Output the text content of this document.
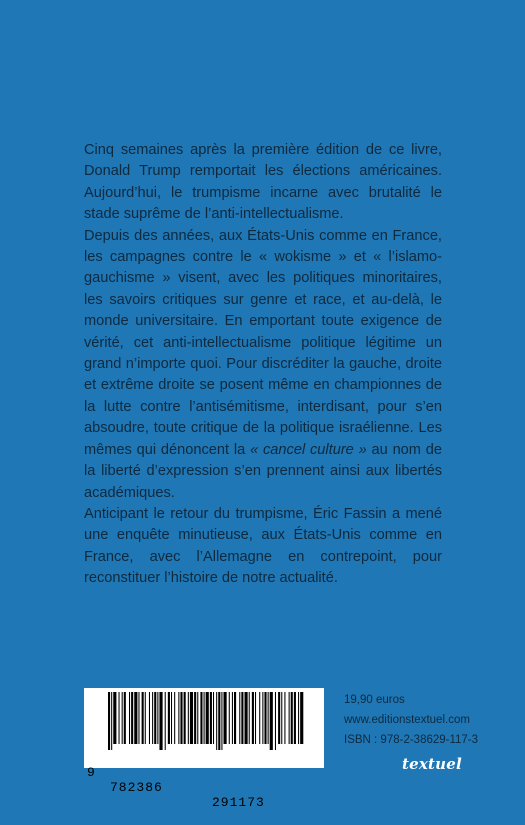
Cinq semaines après la première édition de ce livre, Donald Trump remportait les élections américaines. Aujourd’hui, le trumpisme incarne avec brutalité le stade suprême de l’anti-intellectualisme.

Depuis des années, aux États-Unis comme en France, les campagnes contre le « wokisme » et « l’islamo-gauchisme » visent, avec les politiques minoritaires, les savoirs critiques sur genre et race, et au-delà, le monde universitaire. En emportant toute exigence de vérité, cet anti-intellectualisme politique légitime un grand n’importe quoi. Pour discréditer la gauche, droite et extrême droite se posent même en championnes de la lutte contre l’antisémitisme, interdisant, pour s’en absoudre, toute critique de la politique israélienne. Les mêmes qui dénoncent la « cancel culture » au nom de la liberté d’expression s’en prennent ainsi aux libertés académiques.

Anticipant le retour du trumpisme, Éric Fassin a mené une enquête minutieuse, aux États-Unis comme en France, avec l’Allemagne en contrepoint, pour reconstituer l’histoire de notre actualité.

9

782386

291173

19,90 euros
www.editionstextuel.com
ISBN : 978-2-38629-117-3
textuel
